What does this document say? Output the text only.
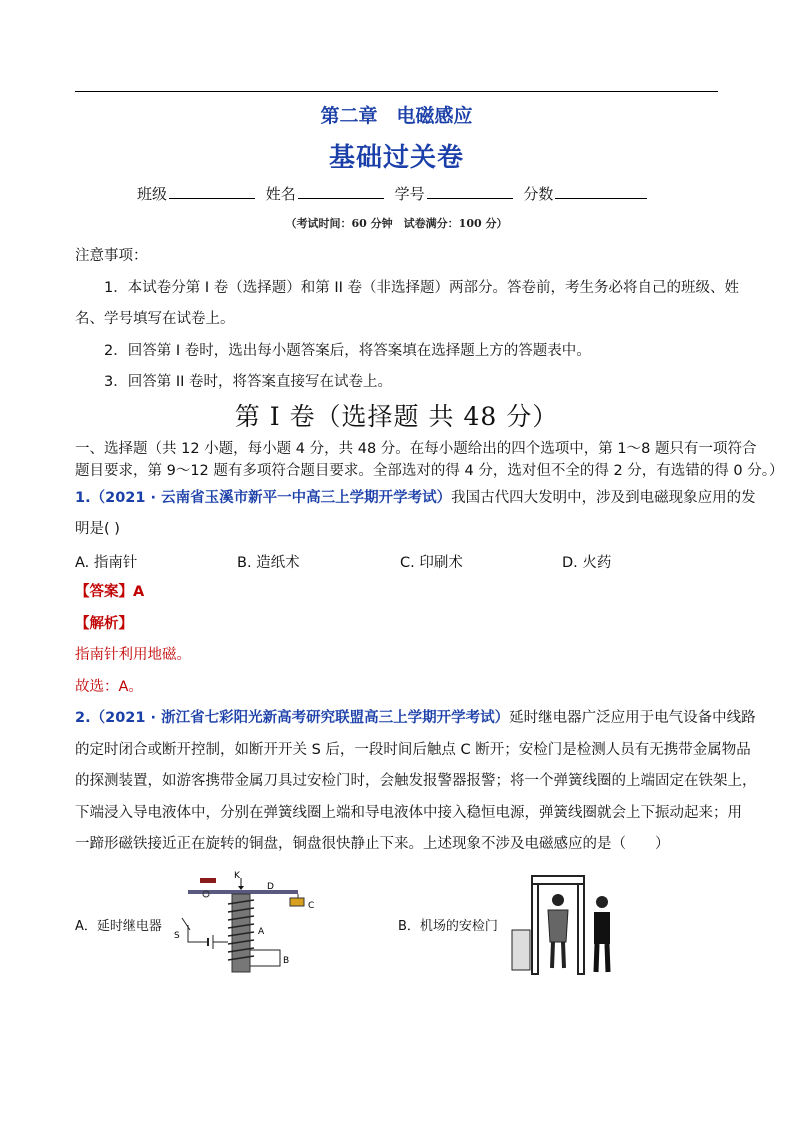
第二章　电磁感应
基础过关卷
班级	姓名	学号	分数
（考试时间：60 分钟　试卷满分：100 分）
注意事项：
1．本试卷分第 I 卷（选择题）和第 II 卷（非选择题）两部分。答卷前，考生务必将自己的班级、姓
名、学号填写在试卷上。
2．回答第 I 卷时，选出每小题答案后，将答案填在选择题上方的答题表中。
3．回答第 II 卷时，将答案直接写在试卷上。
第 I 卷（选择题 共 48 分）
一、选择题（共 12 小题，每小题 4 分，共 48 分。在每小题给出的四个选项中，第 1～8 题只有一项符合
题目要求，第 9～12 题有多项符合题目要求。全部选对的得 4 分，选对但不全的得 2 分，有选错的得 0 分。）
1.（2021 · 云南省玉溪市新平一中高三上学期开学考试）我国古代四大发明中，涉及到电磁现象应用的发
明是( )
A. 指南针	B. 造纸术	C. 印刷术	D. 火药
【答案】A
【解析】
指南针利用地磁。
故选：A。
2.（2021 · 浙江省七彩阳光新高考研究联盟高三上学期开学考试）延时继电器广泛应用于电气设备中线路
的定时闭合或断开控制，如断开开关 S 后，一段时间后触点 C 断开；安检门是检测人员有无携带金属物品
的探测装置，如游客携带金属刀具过安检门时，会触发报警器报警；将一个弹簧线圈的上端固定在铁架上，
下端浸入导电液体中，分别在弹簧线圈上端和导电液体中接入稳恒电源，弹簧线圈就会上下振动起来；用
一蹄形磁铁接近正在旋转的铜盘，铜盘很快静止下来。上述现象不涉及电磁感应的是（　　）
A．延时继电器	B．机场的安检门
K
D
C
S	A
B
